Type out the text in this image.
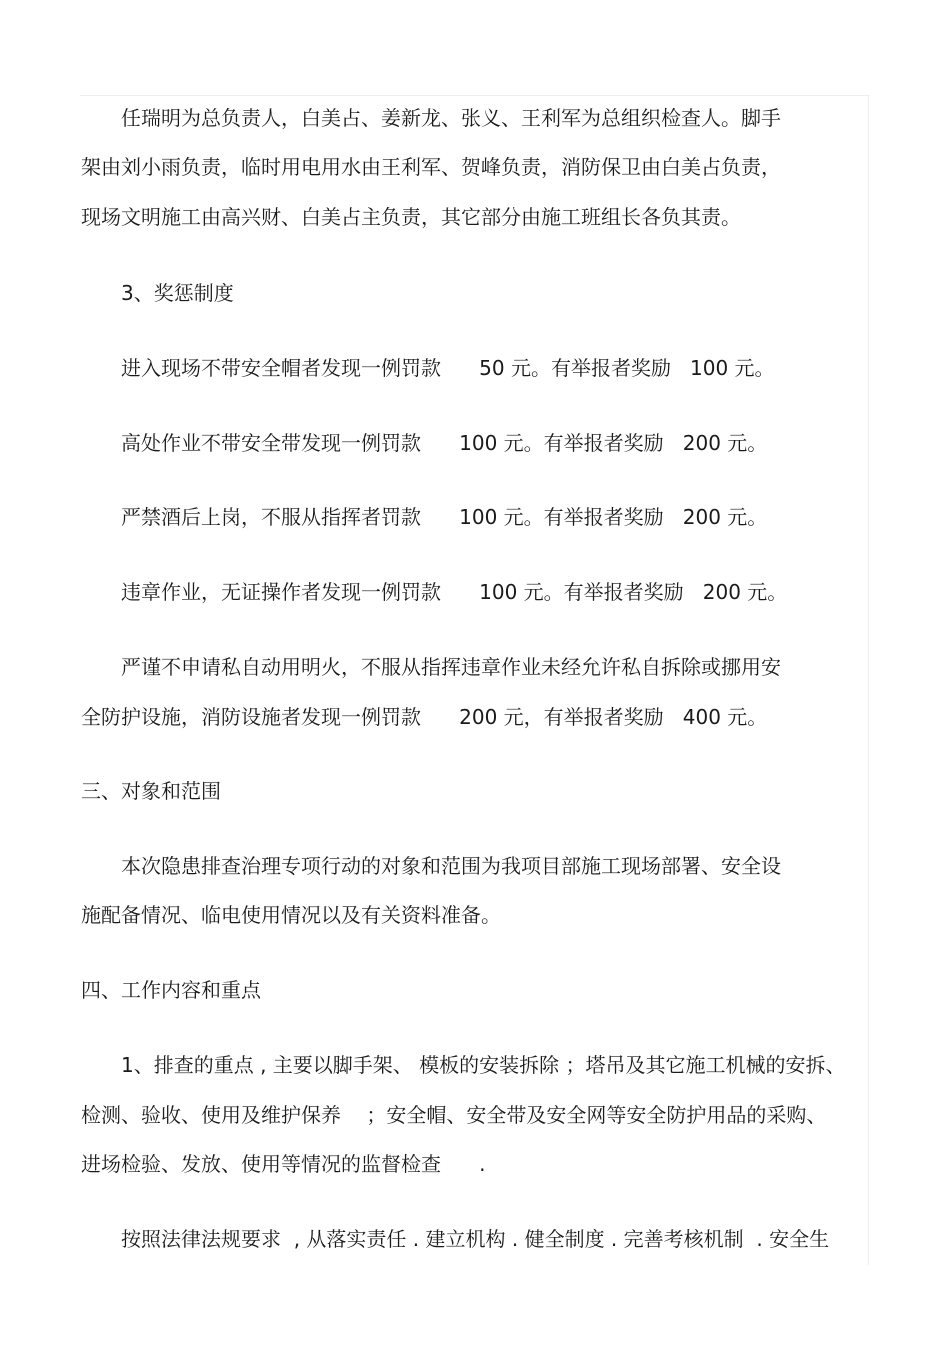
任瑞明为总负责人，白美占、姜新龙、张义、王利军为总组织检查人。脚手
架由刘小雨负责，临时用电用水由王利军、贺峰负责，消防保卫由白美占负责，
现场文明施工由高兴财、白美占主负责，其它部分由施工班组长各负其责。
3、奖惩制度
进入现场不带安全帽者发现一例罚款      50 元。有举报者奖励   100 元。
高处作业不带安全带发现一例罚款      100 元。有举报者奖励   200 元。
严禁酒后上岗，不服从指挥者罚款      100 元。有举报者奖励   200 元。
违章作业，无证操作者发现一例罚款      100 元。有举报者奖励   200 元。
严谨不申请私自动用明火，不服从指挥违章作业未经允许私自拆除或挪用安
全防护设施，消防设施者发现一例罚款      200 元，有举报者奖励   400 元。
三、对象和范围
本次隐患排查治理专项行动的对象和范围为我项目部施工现场部署、安全设
施配备情况、临电使用情况以及有关资料准备。
四、工作内容和重点
1、排查的重点 , 主要以脚手架、 模板的安装拆除 ；塔吊及其它施工机械的安拆、
检测、验收、使用及维护保养    ；安全帽、安全带及安全网等安全防护用品的采购、
进场检验、发放、使用等情况的监督检查      .
按照法律法规要求  , 从落实责任 . 建立机构 . 健全制度 . 完善考核机制  . 安全生
